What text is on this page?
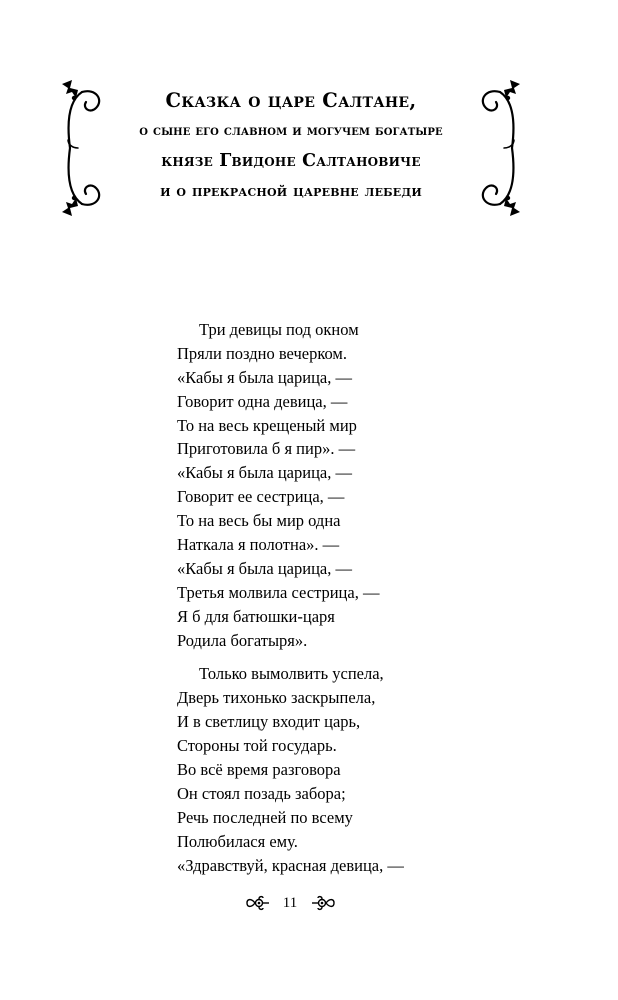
Сказка о царе Салтане,
о сыне его славном и могучем богатыре
князе Гвидоне Салтановиче
и о прекрасной царевне лебеди
Три девицы под окном
Пряли поздно вечерком.
«Кабы я была царица, —
Говорит одна девица, —
То на весь крещеный мир
Приготовила б я пир». —
«Кабы я была царица, —
Говорит ее сестрица, —
То на весь бы мир одна
Наткала я полотна». —
«Кабы я была царица, —
Третья молвила сестрица, —
Я б для батюшки-царя
Родила богатыря».
Только вымолвить успела,
Дверь тихонько заскрыпела,
И в светлицу входит царь,
Стороны той государь.
Во всё время разговора
Он стоял позадь забора;
Речь последней по всему
Полюбилася ему.
«Здравствуй, красная девица, —
11
